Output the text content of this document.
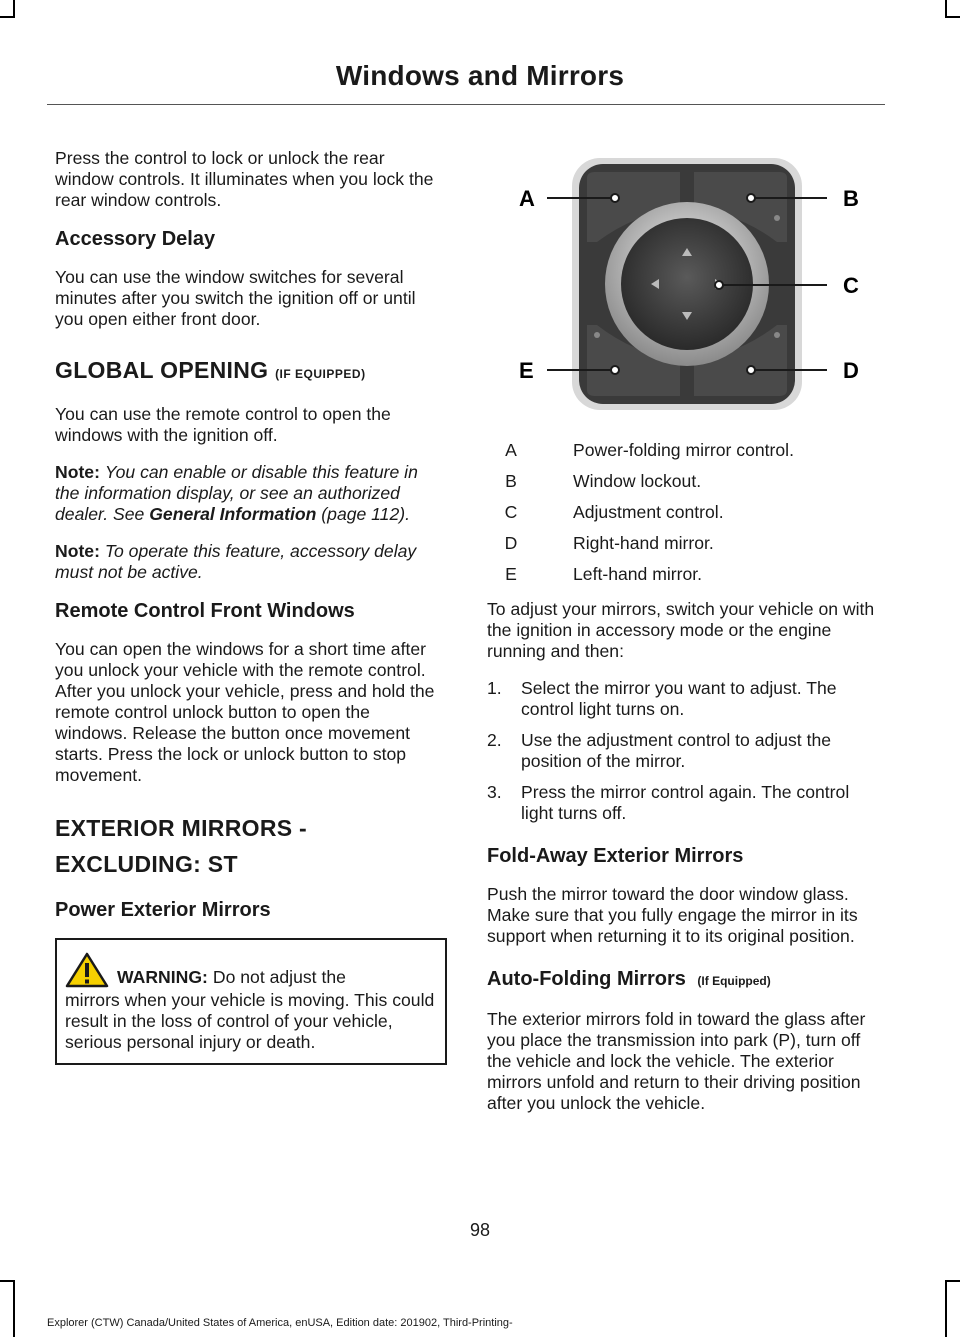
Windows and Mirrors

Press the control to lock or unlock the rear window controls. It illuminates when you lock the rear window controls.

Accessory Delay

You can use the window switches for several minutes after you switch the ignition off or until you open either front door.

GLOBAL OPENING (IF EQUIPPED)

You can use the remote control to open the windows with the ignition off.

Note: You can enable or disable this feature in the information display, or see an authorized dealer. See General Information (page 112).

Note: To operate this feature, accessory delay must not be active.

Remote Control Front Windows

You can open the windows for a short time after you unlock your vehicle with the remote control. After you unlock your vehicle, press and hold the remote control unlock button to open the windows. Release the button once movement starts. Press the lock or unlock button to stop movement.

EXTERIOR MIRRORS -
EXCLUDING: ST
Power Exterior Mirrors
WARNING: Do not adjust the
mirrors when your vehicle is moving. This could result in the loss of control of your vehicle, serious personal injury or death.
A	B
C
D
E
A	Power-folding mirror control.
B	Window lockout.
C	Adjustment control.
D	Right-hand mirror.
E	Left-hand mirror.

To adjust your mirrors, switch your vehicle on with the ignition in accessory mode or the engine running and then:

1.	Select the mirror you want to adjust. The control light turns on.
2.	Use the adjustment control to adjust the position of the mirror.
3.	Press the mirror control again. The control light turns off.
Fold-Away Exterior Mirrors

Push the mirror toward the door window glass. Make sure that you fully engage the mirror in its support when returning it to its original position.

Auto-Folding Mirrors (If Equipped)

The exterior mirrors fold in toward the glass after you place the transmission into park (P), turn off the vehicle and lock the vehicle. The exterior mirrors unfold and return to their driving position after you unlock the vehicle.

98
Explorer (CTW) Canada/United States of America, enUSA, Edition date: 201902, Third-Printing-
